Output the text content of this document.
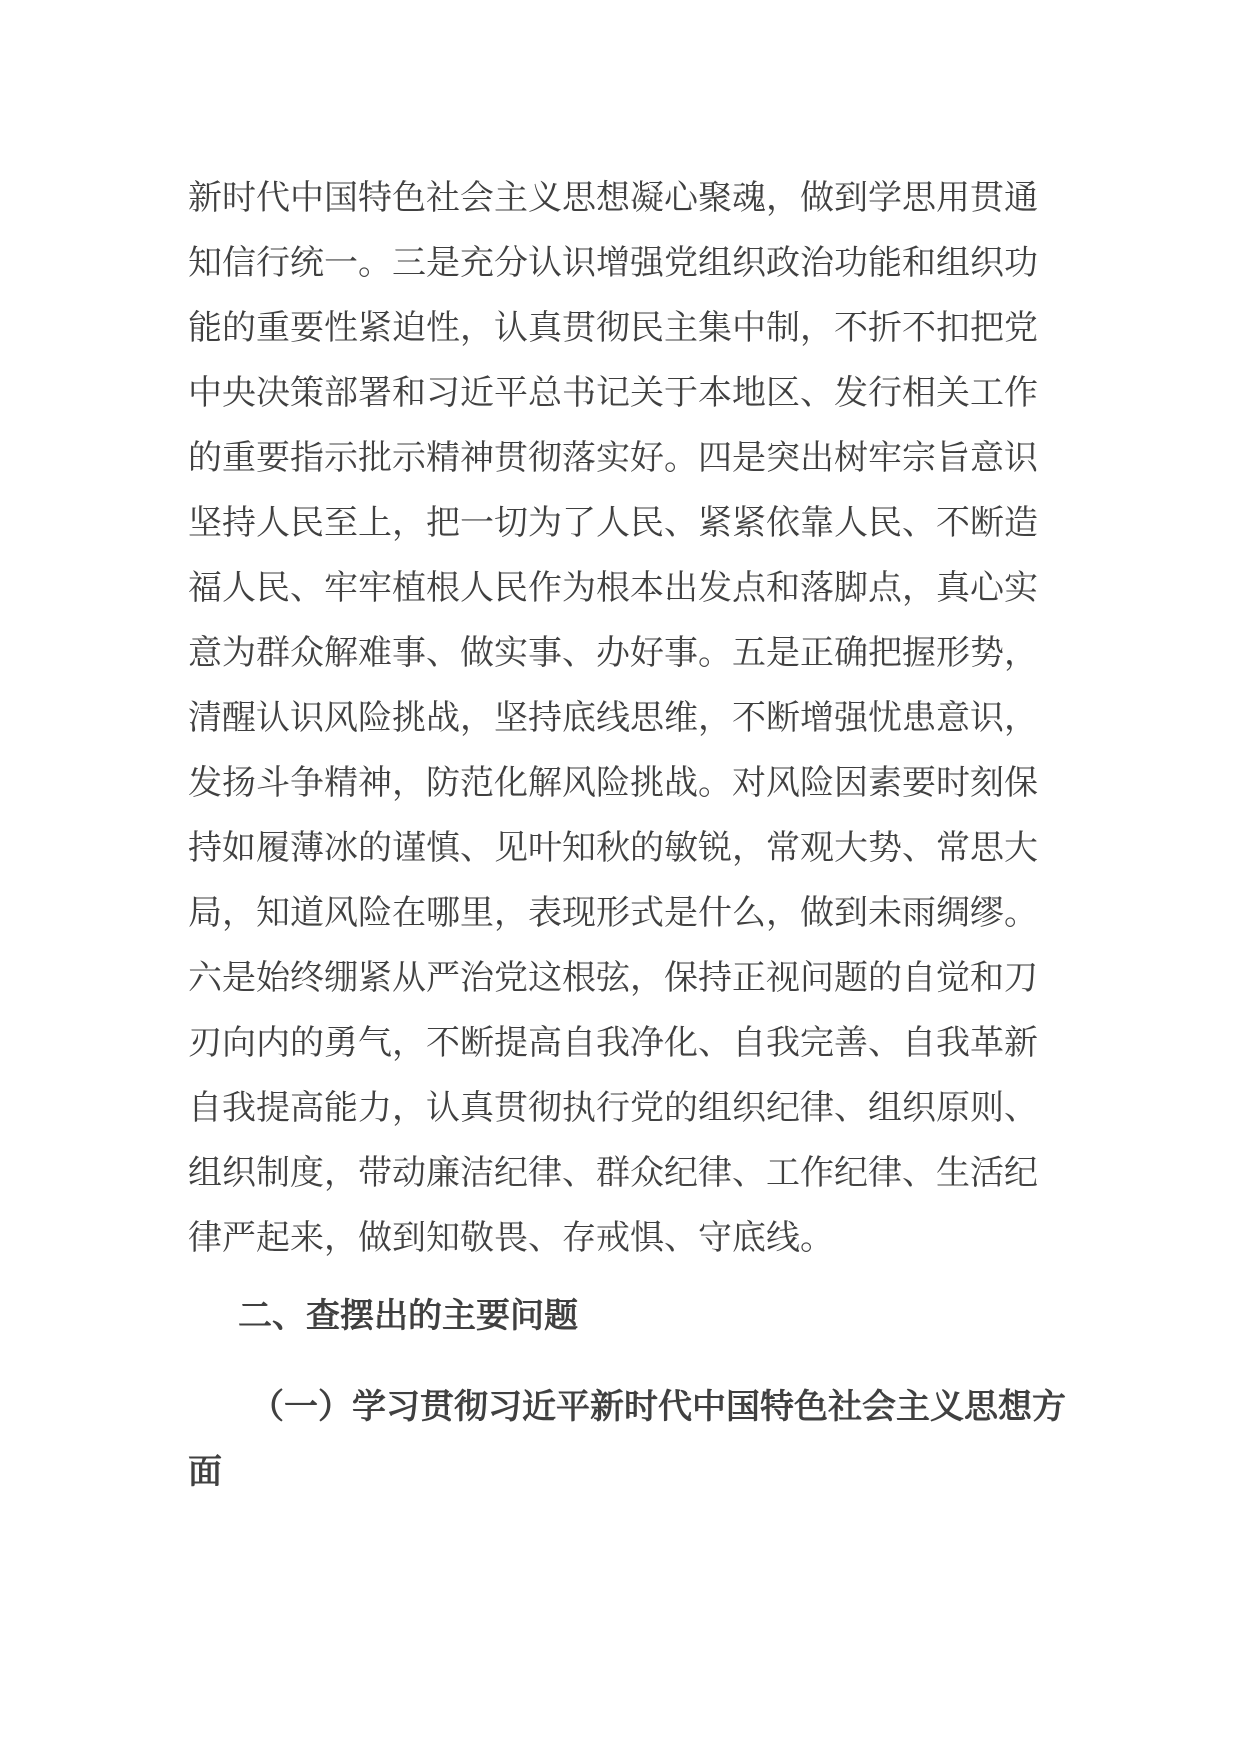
新时代中国特色社会主义思想凝心聚魂，做到学思用贯通
知信行统一。三是充分认识增强党组织政治功能和组织功
能的重要性紧迫性，认真贯彻民主集中制，不折不扣把党
中央决策部署和习近平总书记关于本地区、发行相关工作
的重要指示批示精神贯彻落实好。四是突出树牢宗旨意识
坚持人民至上，把一切为了人民、紧紧依靠人民、不断造
福人民、牢牢植根人民作为根本出发点和落脚点，真心实
意为群众解难事、做实事、办好事。五是正确把握形势，
清醒认识风险挑战，坚持底线思维，不断增强忧患意识，
发扬斗争精神，防范化解风险挑战。对风险因素要时刻保
持如履薄冰的谨慎、见叶知秋的敏锐，常观大势、常思大
局，知道风险在哪里，表现形式是什么，做到未雨绸缪。
六是始终绷紧从严治党这根弦，保持正视问题的自觉和刀
刃向内的勇气，不断提高自我净化、自我完善、自我革新
自我提高能力，认真贯彻执行党的组织纪律、组织原则、
组织制度，带动廉洁纪律、群众纪律、工作纪律、生活纪
律严起来，做到知敬畏、存戒惧、守底线。
二、查摆出的主要问题
（一）学习贯彻习近平新时代中国特色社会主义思想方
面
